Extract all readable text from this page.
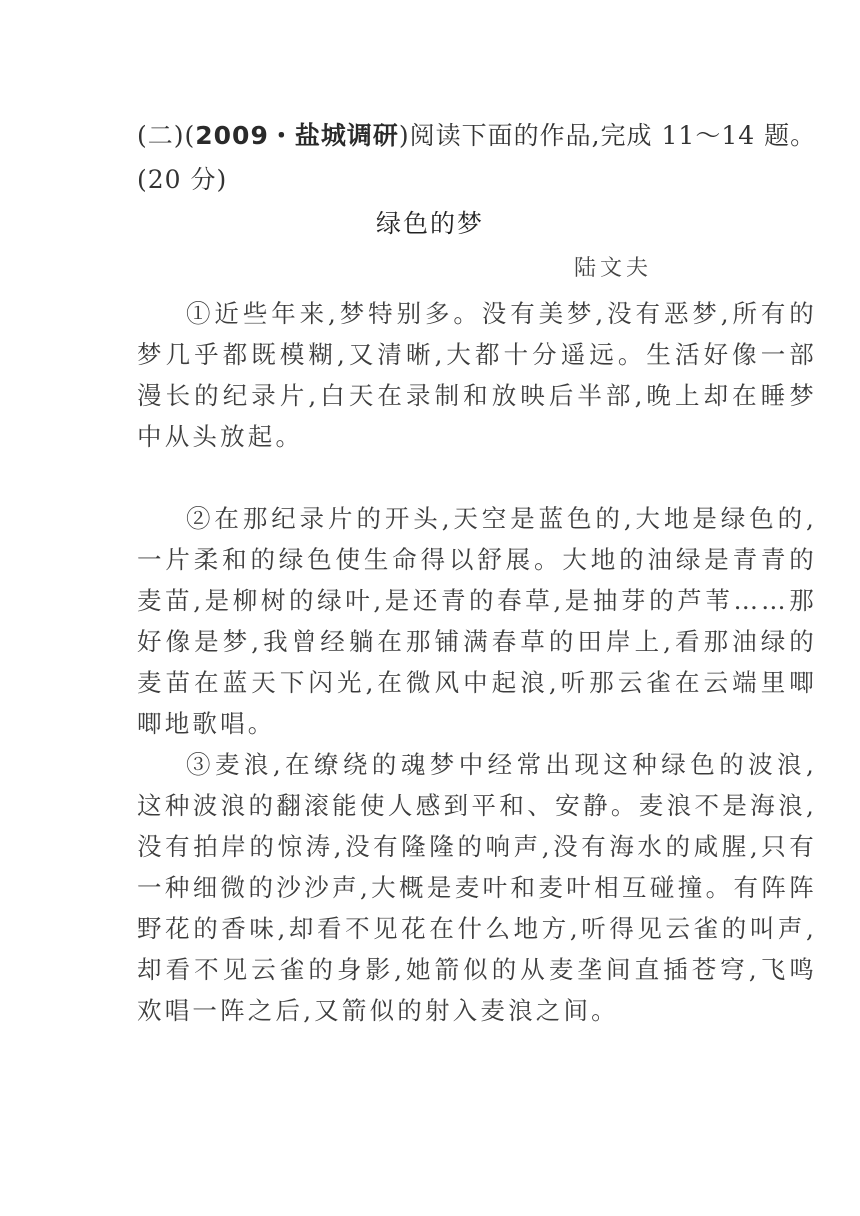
(二)(2009・盐城调研)阅读下面的作品,完成 11～14 题。(20 分)
绿色的梦
陆文夫

①近些年来,梦特别多。没有美梦,没有恶梦,所有的梦几乎都既模糊,又清晰,大都十分遥远。生活好像一部漫长的纪录片,白天在录制和放映后半部,晚上却在睡梦中从头放起。

②在那纪录片的开头,天空是蓝色的,大地是绿色的,一片柔和的绿色使生命得以舒展。大地的油绿是青青的麦苗,是柳树的绿叶,是还青的春草,是抽芽的芦苇……那好像是梦,我曾经躺在那铺满春草的田岸上,看那油绿的麦苗在蓝天下闪光,在微风中起浪,听那云雀在云端里唧唧地歌唱。

③麦浪,在缭绕的魂梦中经常出现这种绿色的波浪,这种波浪的翻滚能使人感到平和、安静。麦浪不是海浪,没有拍岸的惊涛,没有隆隆的响声,没有海水的咸腥,只有一种细微的沙沙声,大概是麦叶和麦叶相互碰撞。有阵阵野花的香味,却看不见花在什么地方,听得见云雀的叫声,却看不见云雀的身影,她箭似的从麦垄间直插苍穹,飞鸣欢唱一阵之后,又箭似的射入麦浪之间。
